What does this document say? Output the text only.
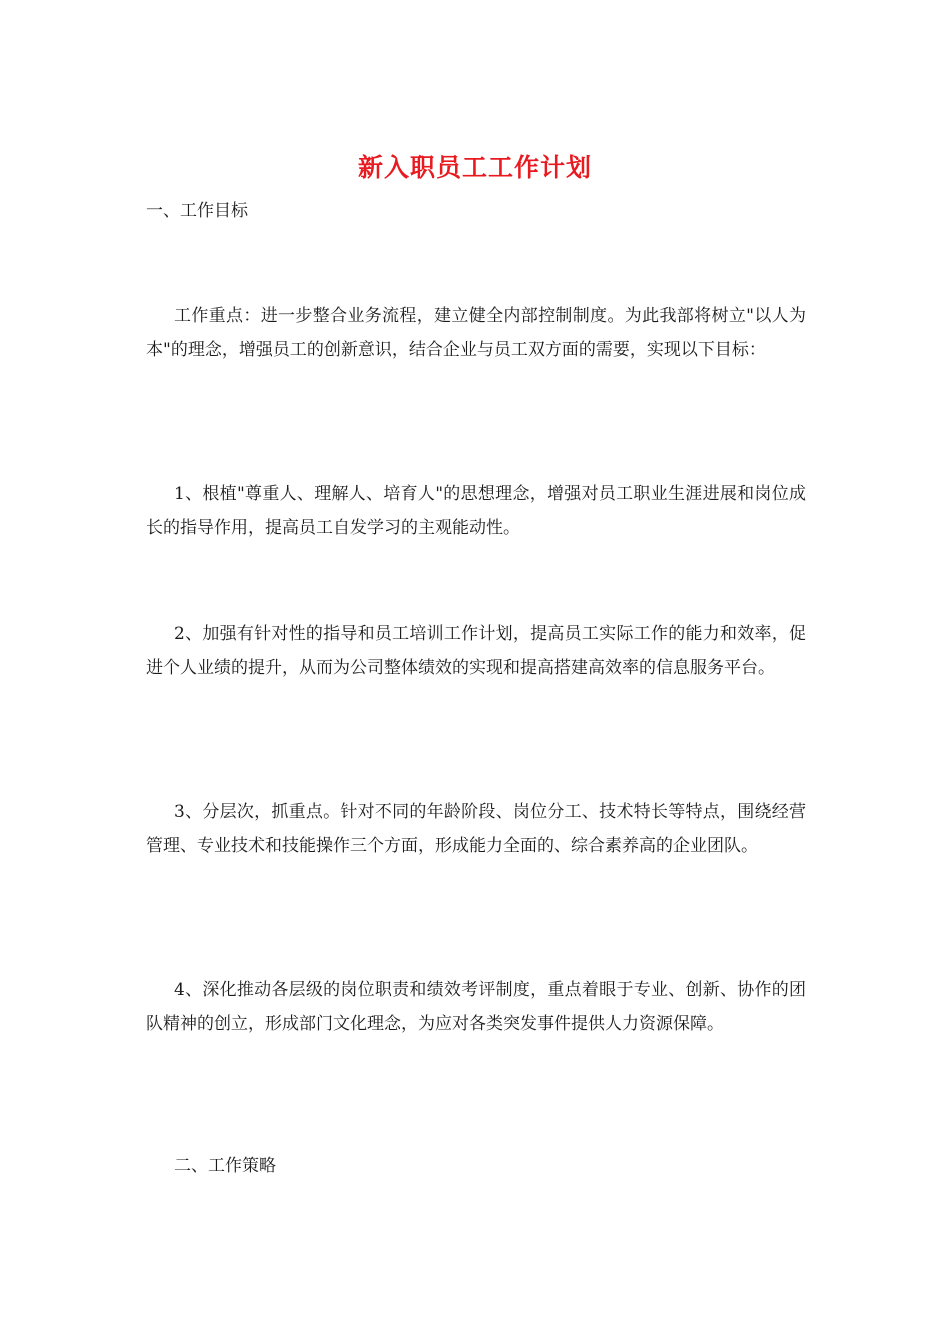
新入职员工工作计划
一、工作目标
工作重点：进一步整合业务流程，建立健全内部控制制度。为此我部将树立"以人为本"的理念，增强员工的创新意识，结合企业与员工双方面的需要，实现以下目标：
1、根植"尊重人、理解人、培育人"的思想理念，增强对员工职业生涯进展和岗位成长的指导作用，提高员工自发学习的主观能动性。
2、加强有针对性的指导和员工培训工作计划，提高员工实际工作的能力和效率，促进个人业绩的提升，从而为公司整体绩效的实现和提高搭建高效率的信息服务平台。
3、分层次，抓重点。针对不同的年龄阶段、岗位分工、技术特长等特点，围绕经营管理、专业技术和技能操作三个方面，形成能力全面的、综合素养高的企业团队。
4、深化推动各层级的岗位职责和绩效考评制度，重点着眼于专业、创新、协作的团队精神的创立，形成部门文化理念，为应对各类突发事件提供人力资源保障。
二、工作策略
